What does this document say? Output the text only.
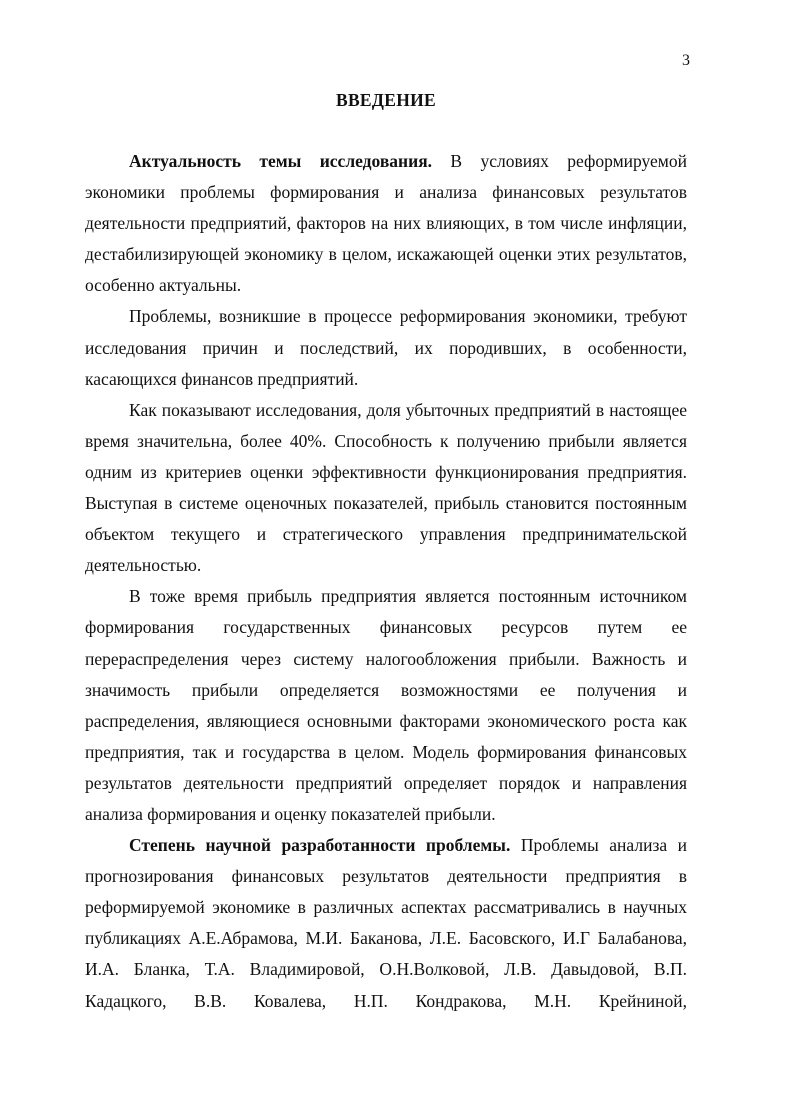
3
ВВЕДЕНИЕ

Актуальность темы исследования. В условиях реформируемой экономики проблемы формирования и анализа финансовых результатов деятельности предприятий, факторов на них влияющих, в том числе инфляции, дестабилизирующей экономику в целом, искажающей оценки этих результатов, особенно актуальны.

Проблемы, возникшие в процессе реформирования экономики, требуют исследования причин и последствий, их породивших, в особенности, касающихся финансов предприятий.

Как показывают исследования, доля убыточных предприятий в настоящее время значительна, более 40%. Способность к получению прибыли является одним из критериев оценки эффективности функционирования предприятия. Выступая в системе оценочных показателей, прибыль становится постоянным объектом текущего и стратегического управления предпринимательской деятельностью.

В тоже время прибыль предприятия является постоянным источником формирования государственных финансовых ресурсов путем ее перераспределения через систему налогообложения прибыли. Важность и значимость прибыли определяется возможностями ее получения и распределения, являющиеся основными факторами экономического роста как предприятия, так и государства в целом. Модель формирования финансовых результатов деятельности предприятий определяет порядок и направления анализа формирования и оценку показателей прибыли.

Степень научной разработанности проблемы. Проблемы анализа и прогнозирования финансовых результатов деятельности предприятия в реформируемой экономике в различных аспектах рассматривались в научных публикациях А.Е.Абрамова, М.И. Баканова, Л.Е. Басовского, И.Г Балабанова, И.А. Бланка, Т.А. Владимировой, О.Н.Волковой, Л.В. Давыдовой, В.П. Кадацкого, В.В. Ковалева, Н.П. Кондракова, М.Н. Крейниной,
